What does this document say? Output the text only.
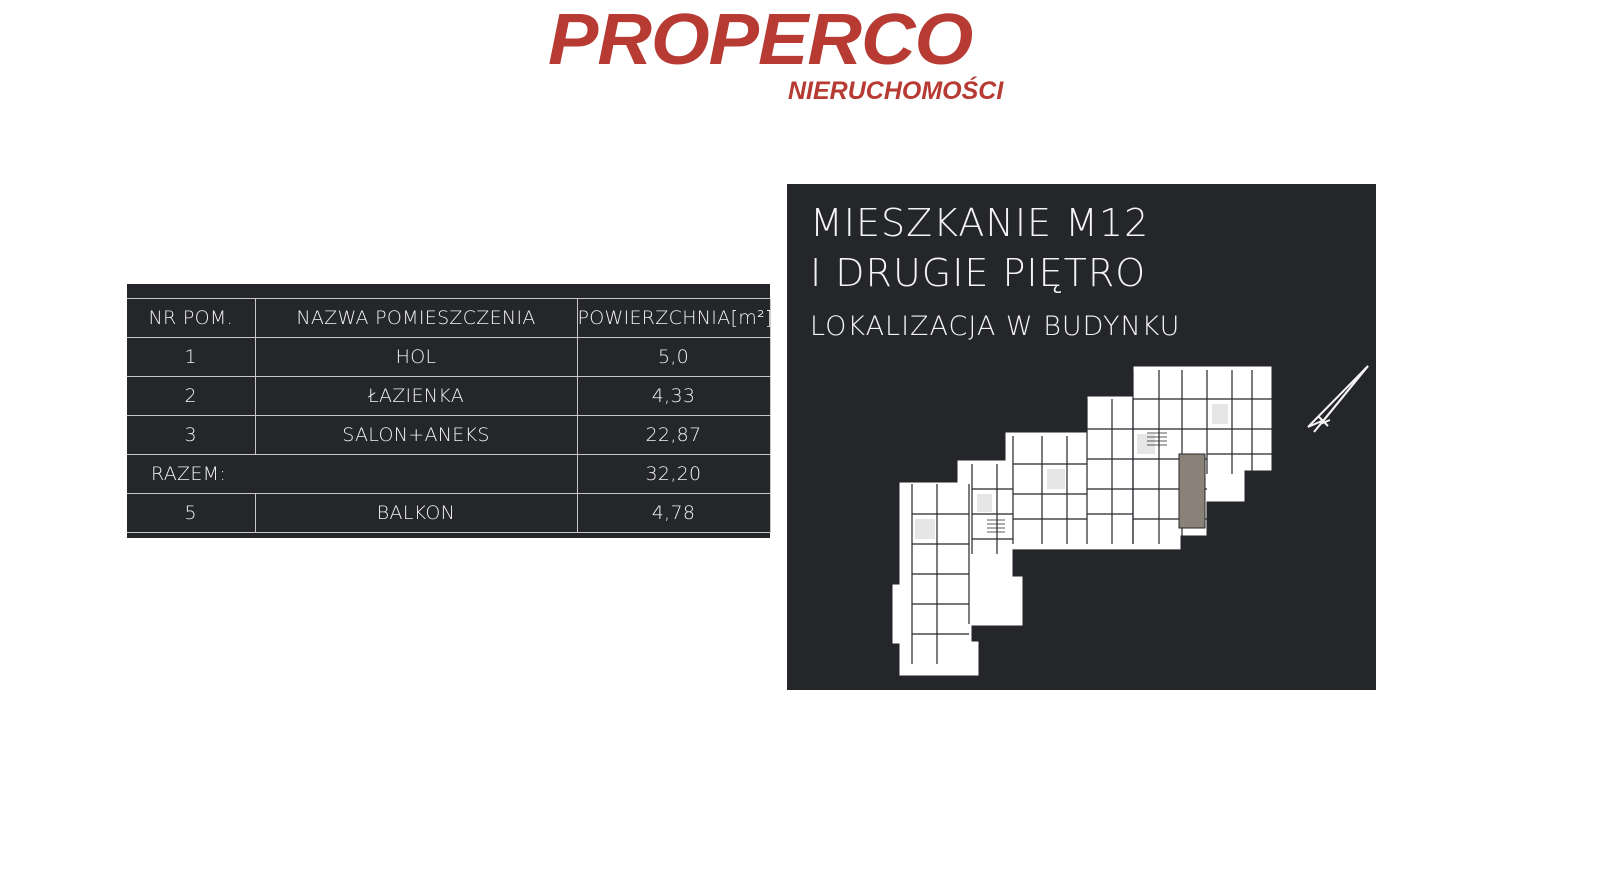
PROPERCO
NIERUCHOMOŚCI
NR POM.	NAZWA POMIESZCZENIA	POWIERZCHNIA[m²]
1	HOL	5,0
2	ŁAZIENKA	4,33
3	SALON+ANEKS	22,87
RAZEM:		32,20
5	BALKON	4,78
MIESZKANIE M12
I DRUGIE PIĘTRO
LOKALIZACJA W BUDYNKU
